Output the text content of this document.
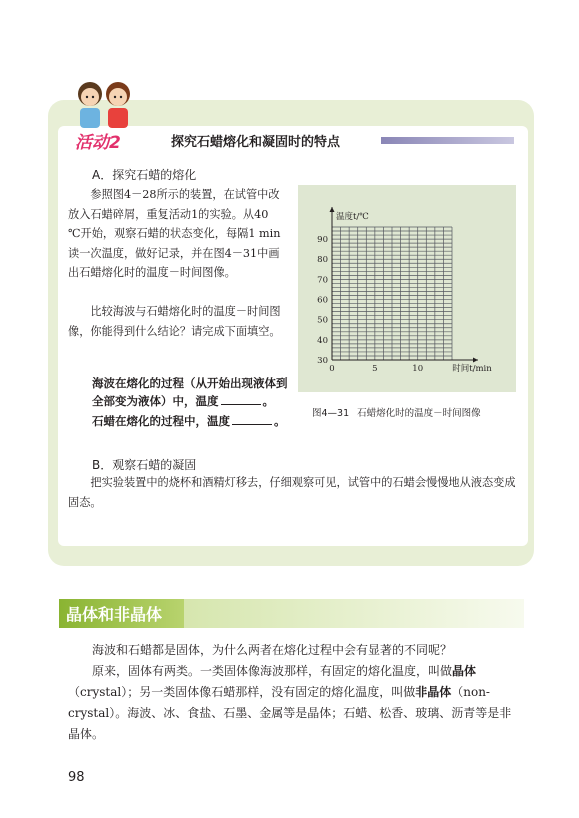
活动2	探究石蜡熔化和凝固时的特点
A．探究石蜡的熔化

参照图4－28所示的装置，在试管中改放入石蜡碎屑，重复活动1的实验。从40 ℃开始，观察石蜡的状态变化，每隔1 min读一次温度，做好记录，并在图4－31中画出石蜡熔化时的温度－时间图像。

比较海波与石蜡熔化时的温度－时间图像，你能得到什么结论？请完成下面填空。

海波在熔化的过程（从开始出现液体到全部变为液体）中，温度	。

石蜡在熔化的过程中，温度	。

30
40
50
60
70
80
90
0	5	10
温度t/℃
时间t/min
图4—31 石蜡熔化时的温度－时间图像
B．观察石蜡的凝固

把实验装置中的烧杯和酒精灯移去，仔细观察可见，试管中的石蜡会慢慢地从液态变成固态。

晶体和非晶体

海波和石蜡都是固体，为什么两者在熔化过程中会有显著的不同呢？

原来，固体有两类。一类固体像海波那样，有固定的熔化温度，叫做晶体（crystal）；另一类固体像石蜡那样，没有固定的熔化温度，叫做非晶体（non-crystal）。海波、冰、食盐、石墨、金属等是晶体；石蜡、松香、玻璃、沥青等是非晶体。

98
